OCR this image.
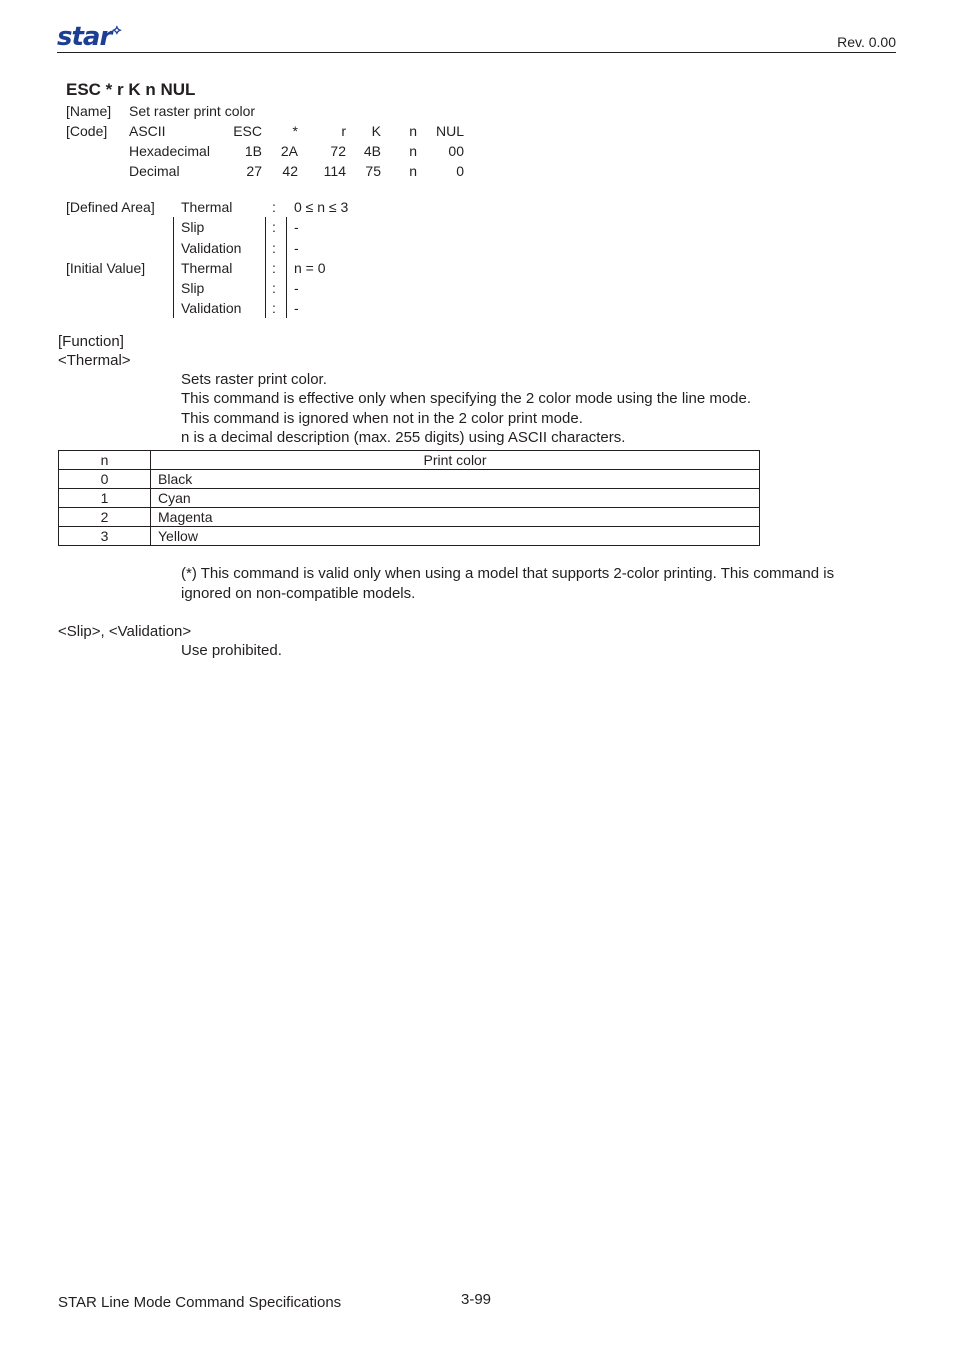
star⟡
Rev. 0.00
ESC * r K n NUL
[Name] Set raster print color
[Code] ASCII	ESC	*	r	K	n	NUL
Hexadecimal	1B	2A	72	4B	n	00
Decimal	27	42	114	75	n	0
[Defined Area] Thermal	: 0 ≤ n ≤ 3
Slip	: -
Validation : -
[Initial Value]	Thermal	: n = 0
Slip	: -
Validation : -
[Function]
<Thermal>
Sets raster print color.
This command is effective only when specifying the 2 color mode using the line mode.
This command is ignored when not in the 2 color print mode.
n is a decimal description (max. 255 digits) using ASCII characters.
n	Print color
0	Black
1	Cyan
2	Magenta
3	Yellow
(*) This command is valid only when using a model that supports 2-color printing. This command is
ignored on non-compatible models.
<Slip>, <Validation>
Use prohibited.
STAR Line Mode Command Specifications	3-99
